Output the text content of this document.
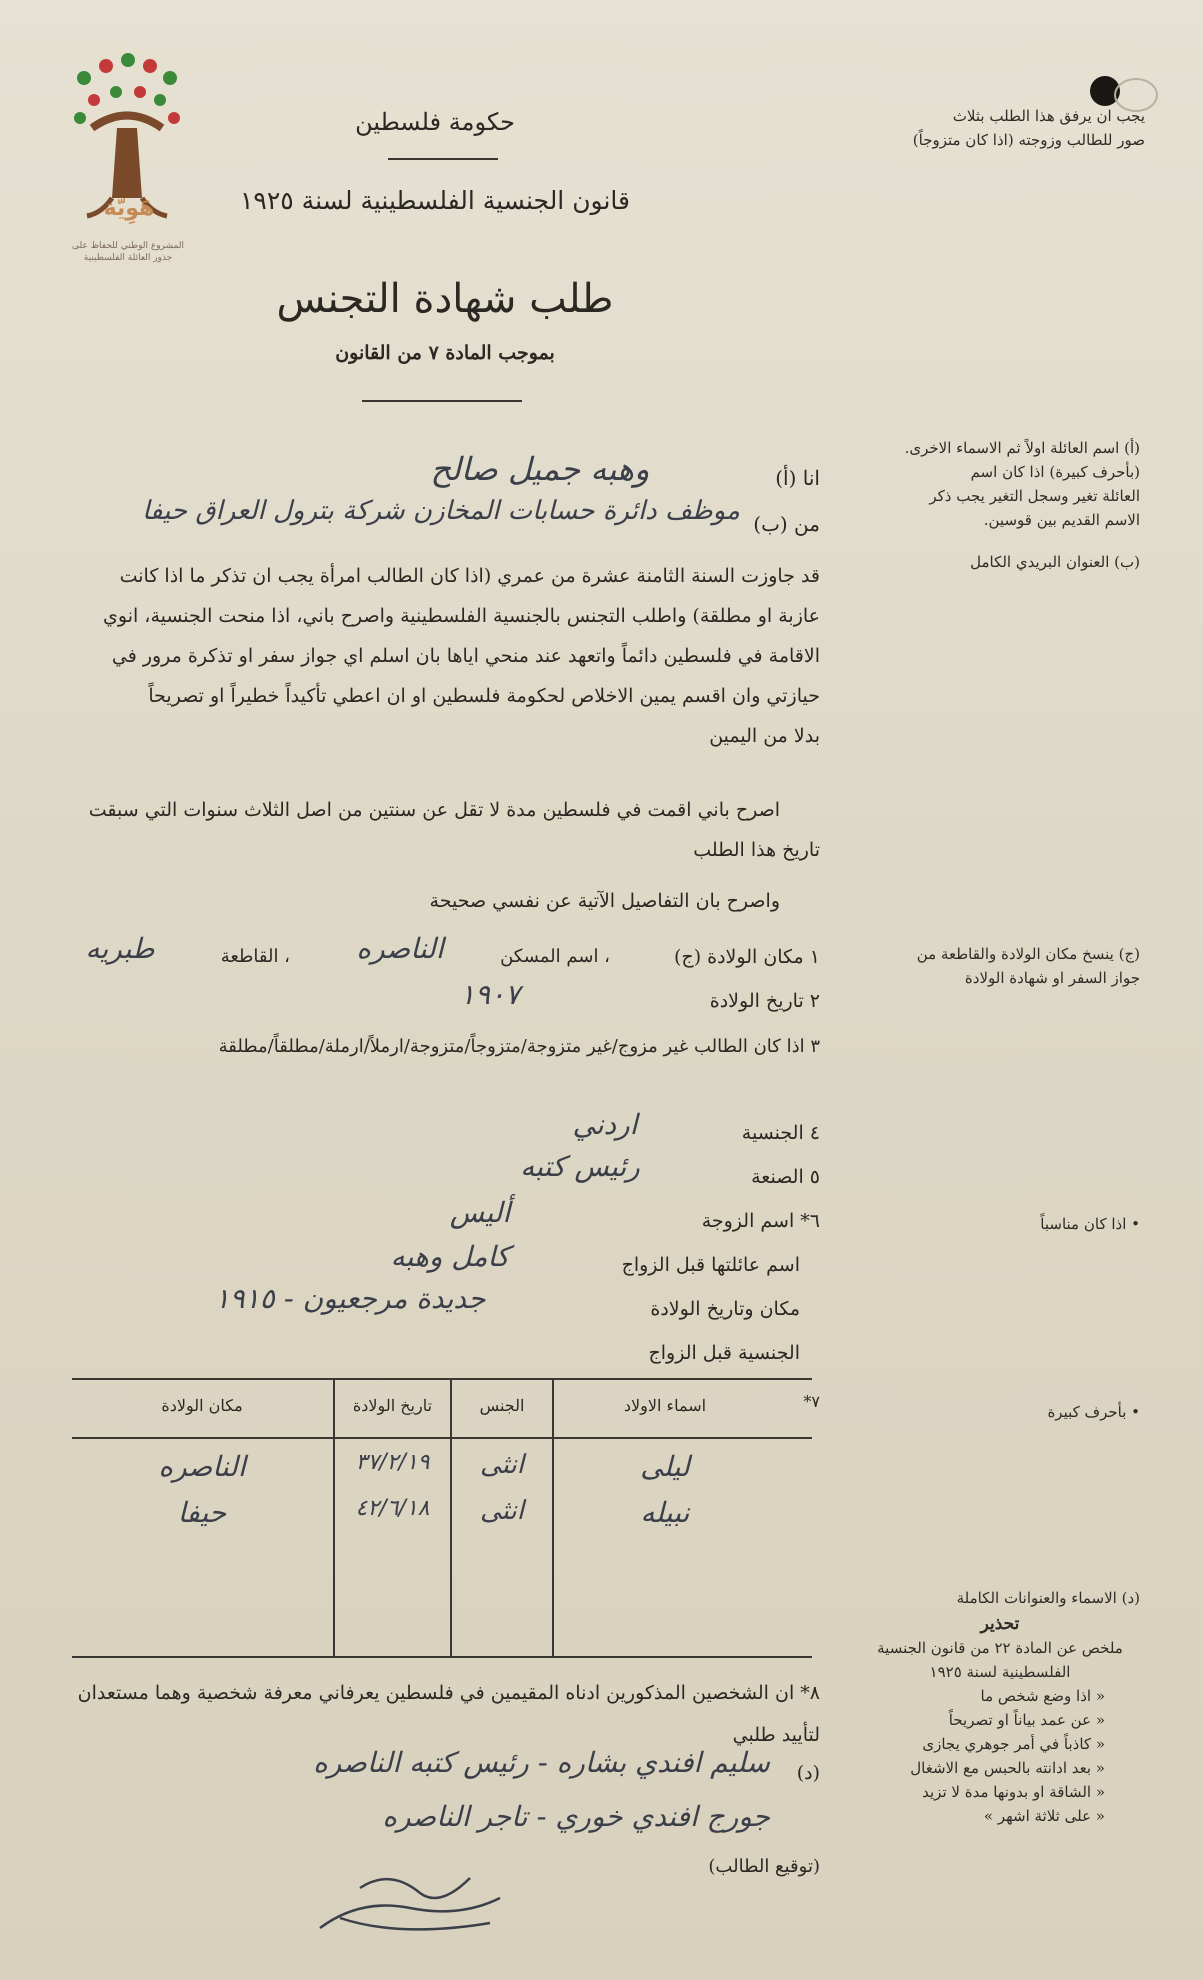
هَوِيّة
المشروع الوطني للحفاظ على
جذور العائلة الفلسطينية
حكومة فلسطين
قانون الجنسية الفلسطينية لسنة ١٩٢٥
طلب شهادة التجنس
بموجب المادة ٧ من القانون
يجب ان يرفق هذا الطلب بثلاث
صور للطالب وزوجته (اذا كان متزوجاً)
(أ) اسم العائلة اولاً ثم الاسماء الاخرى.
(بأحرف كبيرة) اذا كان اسم
العائلة تغير وسجل التغير يجب ذكر
الاسم القديم بين قوسين.
(ب) العنوان البريدي الكامل
(ج) ينسخ مكان الولادة والقاطعة من
جواز السفر او شهادة الولادة
• اذا كان مناسباً
• بأحرف كبيرة
(د) الاسماء والعنوانات الكاملة
تحذير
ملخص عن المادة ٢٢ من قانون الجنسية
الفلسطينية لسنة ١٩٢٥
« اذا وضع شخص ما
« عن عمد بياناً او تصريحاً
« كاذباً في أمر جوهري يجازى
« بعد ادانته بالحبس مع الاشغال
« الشاقة او بدونها مدة لا تزيد
« على ثلاثة اشهر »
انا (أ)
وهبه جميل صالح
من (ب)
موظف دائرة حسابات المخازن شركة بترول العراق حيفا
قد جاوزت السنة الثامنة عشرة من عمري (اذا كان الطالب امرأة يجب ان تذكر ما اذا كانت
عازبة او مطلقة) واطلب التجنس بالجنسية الفلسطينية واصرح باني، اذا منحت الجنسية، انوي
الاقامة في فلسطين دائماً واتعهد عند منحي اياها بان اسلم اي جواز سفر او تذكرة مرور في
حيازتي وان اقسم يمين الاخلاص لحكومة فلسطين او ان اعطي تأكيداً خطيراً او تصريحاً
بدلا من اليمين
اصرح باني اقمت في فلسطين مدة لا تقل عن سنتين من اصل الثلاث سنوات التي سبقت
تاريخ هذا الطلب
واصرح بان التفاصيل الآتية عن نفسي صحيحة
١ مكان الولادة (ج)
، اسم المسكن
الناصره
، القاطعة
طبريه
٢ تاريخ الولادة
١٩٠٧
٣ اذا كان الطالب غير مزوج/غير متزوجة/متزوجاً/متزوجة/ارملاً/ارملة/مطلقاً/مطلقة
٤ الجنسية
اردني
٥ الصنعة
رئيس كتبه
٦* اسم الزوجة
أليس
اسم عائلتها قبل الزواج
كامل وهبه
مكان وتاريخ الولادة
جديدة مرجعيون - ١٩١٥
الجنسية قبل الزواج
٧*
اسماء الاولاد
الجنس
تاريخ الولادة
مكان الولادة
ليلى
انثى
٣٧/٢/١٩
الناصره
نبيله
انثى
٤٢/٦/١٨
حيفا
٨* ان الشخصين المذكورين ادناه المقيمين في فلسطين يعرفاني معرفة شخصية وهما مستعدان
لتأييد طلبي
(د)
سليم افندي بشاره - رئيس كتبه الناصره
جورج افندي خوري - تاجر الناصره
(توقيع الطالب)
